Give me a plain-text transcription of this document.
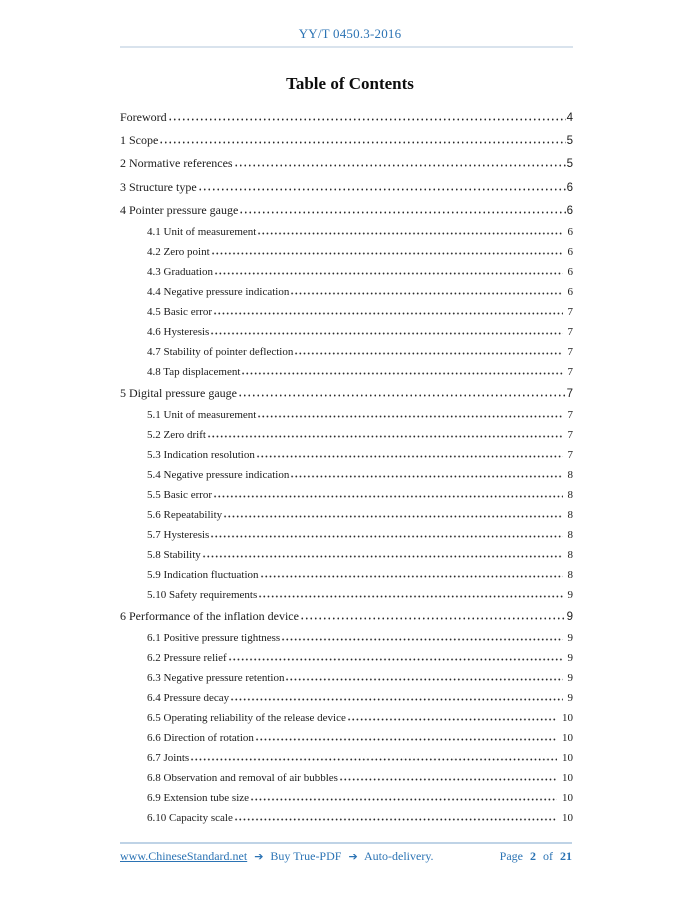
YY/T 0450.3-2016
Table of Contents
Foreword	4
1 Scope	5
2 Normative references	5
3 Structure type	6
4 Pointer pressure gauge	6
4.1 Unit of measurement	6
4.2 Zero point	6
4.3 Graduation	6
4.4 Negative pressure indication	6
4.5 Basic error	7
4.6 Hysteresis	7
4.7 Stability of pointer deflection	7
4.8 Tap displacement	7
5 Digital pressure gauge	7
5.1 Unit of measurement	7
5.2 Zero drift	7
5.3 Indication resolution	7
5.4 Negative pressure indication	8
5.5 Basic error	8
5.6 Repeatability	8
5.7 Hysteresis	8
5.8 Stability	8
5.9 Indication fluctuation	8
5.10 Safety requirements	9
6 Performance of the inflation device	9
6.1 Positive pressure tightness	9
6.2 Pressure relief	9
6.3 Negative pressure retention	9
6.4 Pressure decay	9
6.5 Operating reliability of the release device	10
6.6 Direction of rotation	10
6.7 Joints	10
6.8 Observation and removal of air bubbles	10
6.9 Extension tube size	10
6.10 Capacity scale	10
www.ChineseStandard.net ➔ Buy True-PDF ➔ Auto-delivery.	Page 2 of 21
